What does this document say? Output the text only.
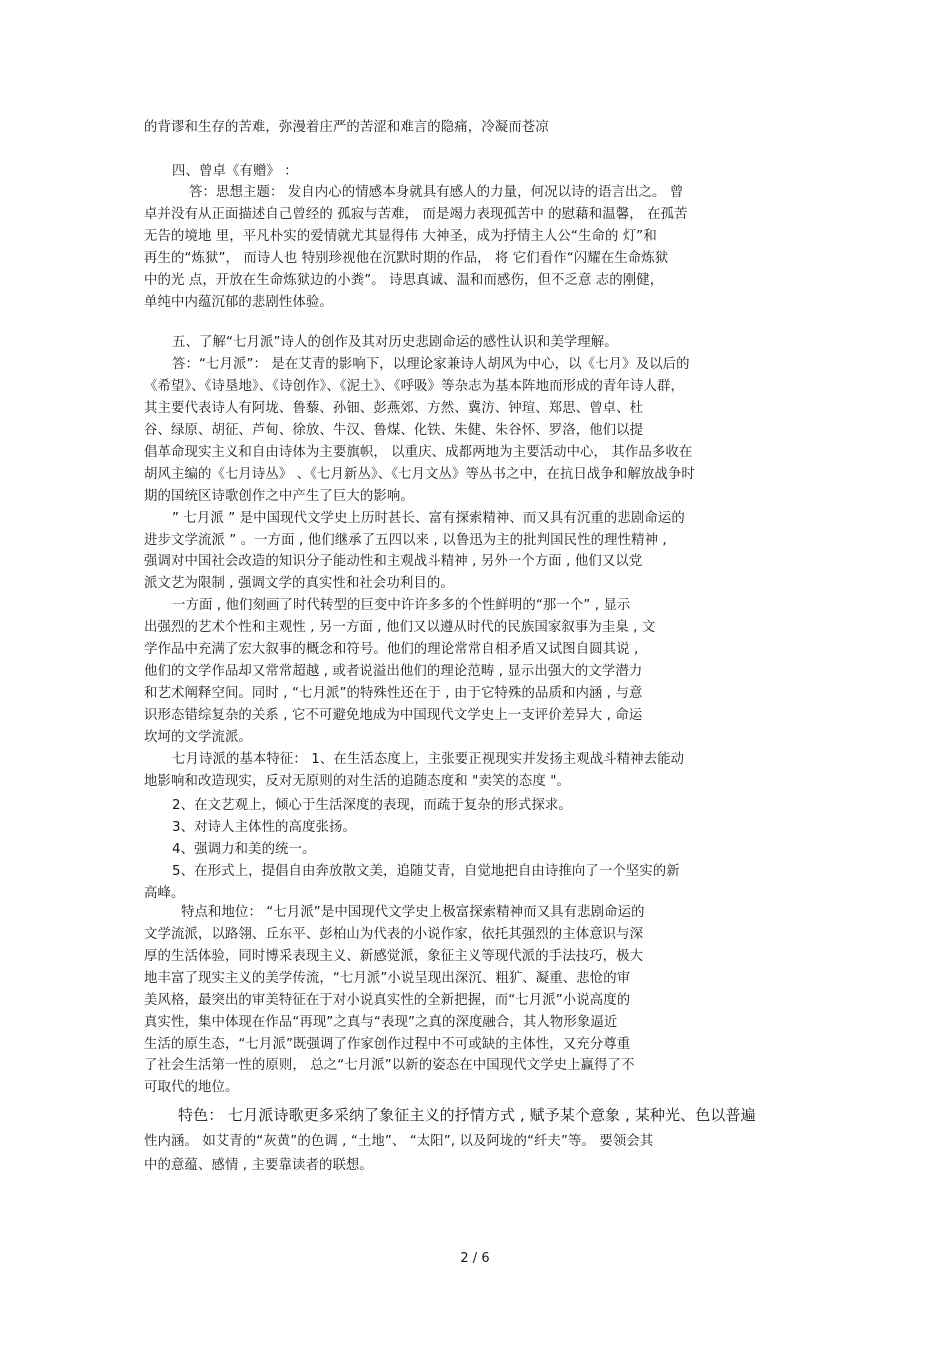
的背谬和生存的苦难，弥漫着庄严的苦涩和难言的隐痛，冷凝而苍凉
四、曾卓《有赠》 ：
答：思想主题： 发自内心的情感本身就具有感人的力量，何况以诗的语言出之。 曾
卓并没有从正面描述自己曾经的 孤寂与苦难， 而是竭力表现孤苦中 的慰藉和温馨， 在孤苦
无告的境地 里，平凡朴实的爱情就尤其显得伟 大神圣，成为抒情主人公“生命的 灯”和
再生的“炼狱”， 而诗人也 特别珍视他在沉默时期的作品， 将 它们看作“闪耀在生命炼狱
中的光 点，开放在生命炼狱边的小粪”。 诗思真诚、温和而感伤，但不乏意 志的刚健，
单纯中内蕴沉郁的悲剧性体验。
五、了解“七月派”诗人的创作及其对历史悲剧命运的感性认识和美学理解。
答：“七月派”： 是在艾青的影响下，以理论家兼诗人胡风为中心，以《七月》及以后的
《希望》、《诗垦地》、《诗创作》、《泥土》、《呼吸》等杂志为基本阵地而形成的青年诗人群，
其主要代表诗人有阿垅、鲁藜、孙钿、彭燕郊、方然、冀汸、钟瑄、郑思、曾卓、杜
谷、绿原、胡征、芦甸、徐放、牛汉、鲁煤、化铁、朱健、朱谷怀、罗洛，他们以提
倡革命现实主义和自由诗体为主要旗帜， 以重庆、成都两地为主要活动中心， 其作品多收在
胡风主编的《七月诗丛》 、《七月新丛》、《七月文丛》等丛书之中，在抗日战争和解放战争时
期的国统区诗歌创作之中产生了巨大的影响。
” 七月派 ” 是中国现代文学史上历时甚长、富有探索精神、而又具有沉重的悲剧命运的
进步文学流派 ” 。一方面 , 他们继承了五四以来 , 以鲁迅为主的批判国民性的理性精神 ,
强调对中国社会改造的知识分子能动性和主观战斗精神 , 另外一个方面 , 他们又以党
派文艺为限制 , 强调文学的真实性和社会功利目的。
一方面 , 他们刻画了时代转型的巨变中许许多多的个性鲜明的“那一个” , 显示
出强烈的艺术个性和主观性 , 另一方面 , 他们又以遵从时代的民族国家叙事为圭臬 , 文
学作品中充满了宏大叙事的概念和符号。他们的理论常常自相矛盾又试图自圆其说 ,
他们的文学作品却又常常超越 , 或者说溢出他们的理论范畴 , 显示出强大的文学潜力
和艺术阐释空间。同时 , “七月派”的特殊性还在于 , 由于它特殊的品质和内涵 , 与意
识形态错综复杂的关系 , 它不可避免地成为中国现代文学史上一支评价差异大 , 命运
坎坷的文学流派。
七月诗派的基本特征： 1、在生活态度上，主张要正视现实并发扬主观战斗精神去能动
地影响和改造现实，反对无原则的对生活的追随态度和 "卖笑的态度 "。
2、在文艺观上，倾心于生活深度的表现，而疏于复杂的形式探求。
3、对诗人主体性的高度张扬。
4、强调力和美的统一。
5、在形式上，提倡自由奔放散文美，追随艾青，自觉地把自由诗推向了一个坚实的新
高峰。
特点和地位： “七月派”是中国现代文学史上极富探索精神而又具有悲剧命运的
文学流派，以路翎、丘东平、彭柏山为代表的小说作家，依托其强烈的主体意识与深
厚的生活体验，同时博采表现主义、新感觉派，象征主义等现代派的手法技巧，极大
地丰富了现实主义的美学传流，“七月派”小说呈现出深沉、粗犷、凝重、悲怆的审
美风格，最突出的审美特征在于对小说真实性的全新把握，而“七月派”小说高度的
真实性，集中体现在作品“再现”之真与“表现”之真的深度融合，其人物形象逼近
生活的原生态，“七月派”既强调了作家创作过程中不可或缺的主体性，又充分尊重
了社会生活第一性的原则， 总之“七月派”以新的姿态在中国现代文学史上赢得了不
可取代的地位。
特色： 七月派诗歌更多采纳了象征主义的抒情方式 , 赋予某个意象 , 某种光、色以普遍
性内涵。 如艾青的“灰黄”的色调 , “土地”、 “太阳”, 以及阿垅的“纤夫”等。 要领会其
中的意蕴、感情 , 主要靠读者的联想。
2 / 6
